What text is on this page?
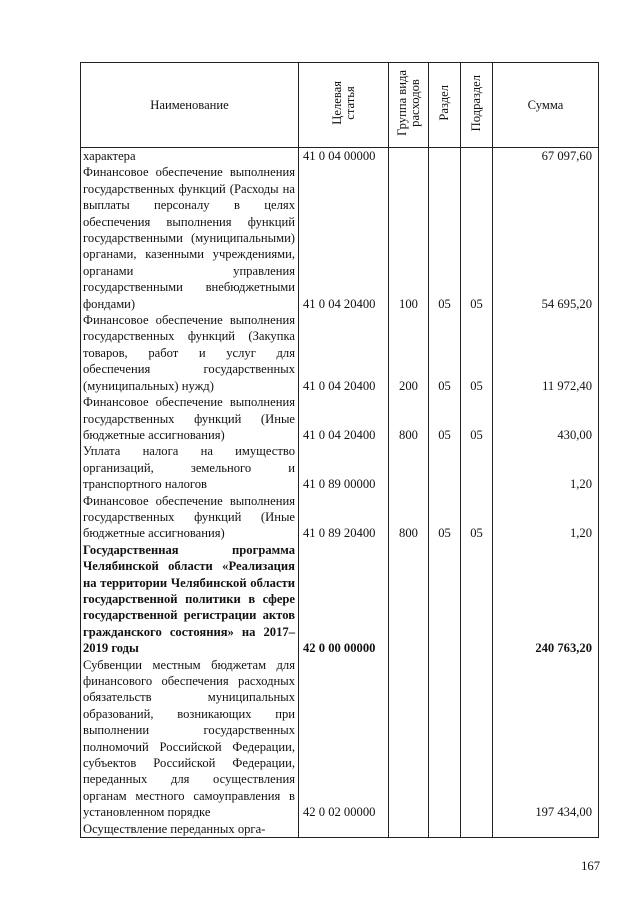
Наименование	Целевая статья	Группа вида расходов	Раздел	Подраздел	Сумма
характера	41 0 04 00000				67 097,60
Финансовое обеспечение выполнения государственных функций (Расходы на выплаты персоналу в целях обеспечения выполнения функций государственными (муниципальными) органами, казенными учреждениями, органами управления государственными внебюджетными фондами)	41 0 04 20400	100	05	05	54 695,20
Финансовое обеспечение выполнения государственных функций (Закупка товаров, работ и услуг для обеспечения государственных (муниципальных) нужд)	41 0 04 20400	200	05	05	11 972,40
Финансовое обеспечение выполнения государственных функций (Иные бюджетные ассигнования)	41 0 04 20400	800	05	05	430,00
Уплата налога на имущество организаций, земельного и транспортного налогов	41 0 89 00000				1,20
Финансовое обеспечение выполнения государственных функций (Иные бюджетные ассигнования)	41 0 89 20400	800	05	05	1,20
Государственная программа Челябинской области «Реализация на территории Челябинской области государственной политики в сфере государственной регистрации актов гражданского состояния» на 2017–2019 годы	42 0 00 00000				240 763,20
Субвенции местным бюджетам для финансового обеспечения расходных обязательств муниципальных образований, возникающих при выполнении государственных полномочий Российской Федерации, субъектов Российской Федерации, переданных для осуществления органам местного самоуправления в установленном порядке	42 0 02 00000				197 434,00
Осуществление переданных орга-					
167
